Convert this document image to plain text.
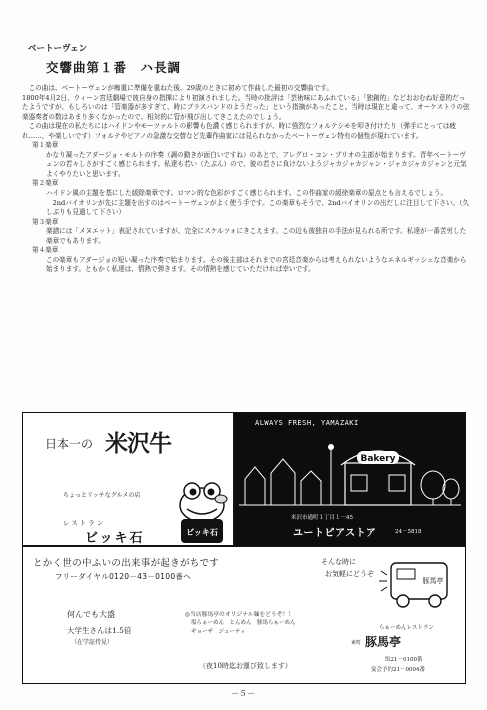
ベートーヴェン
交響曲第１番　ハ長調

この曲は、ベートーヴェンが痴重に準備を重ねた後、29歳のときに初めて作曲した最初の交響曲です。

1800年4月2日、ウィーン宮廷劇場で彼自身の指揮により初演されました。当時の批評は「芸術味にあふれている」「独創的」などおおむね好意的だったようですが、もしろいのは「管楽器が多すぎて、時にブラスバンドのようだった」という指摘があったこと。当時は現在と違って、オーケストラの弦楽器奏者の数はあまり多くなかったので、相対的に管が飛び出してきこえたのでしょう。

この曲は現在の私たちにはハイドンやモーツァルトの影響も色濃く感じられますが、時に強烈なフォルテシモを叩き付けたり（弾手にとっては疲れ……，や楽しいです）フォルテやピアノの急激な交替など先輩作曲家には見られなかったベートーヴェン特有の個性が現れています。

第１楽章

かなり凝ったアダージョ・モルトの序奏（調の動きが面白いですね）のあとで、アレグロ・コン・ブリオの主部が始まります。青年ベートーヴェンの若々しさがすごく感じられます。私達も若い（たぶん）ので、彼の若さに負けないようジャカジャカジャン・ジャカジャカジャンと元気よくやりたいと思います。

第２楽章

ハイドン風の主題を基にした緩除楽章です。ロマン的な色彩がすごく感じられます。この作曲家の緩徐楽章の原点とも言えるでしょう。

2ndバイオリンが先に主題を出すのはベートーヴェンがよく使う手です。この楽章もそうで、2ndバイオリンの出だしに注目して下さい。（久しぶりも見過して下さい）

第３楽章

楽譜には「メヌエット」表記されていますが、完全にスケルツォにきこえます。この辺も彼独自の手法が見られる所です。私達が一番苦労した楽章でもあります。

第４楽章

この楽章もアダージョの短い凝った序奏で始まります。その後主部はそれまでの宮廷音楽からは考えられないようなエネルギッシュな音楽から始まります。ともかく私達は、情熱で弾きます。その情熱を感じていただければ幸いです。

日本一の 米沢牛
ちょっとリッチなグルメの店
レストラン
ビッキ石	ビッキ石
ALWAYS FRESH, YAMAZAKI
Bakery
米沢市通町１丁目１－45
ユートピアストア	24－5818
とかく世の中ふいの出来事が起きがちです
フリーダイヤル0120－43－0100番へ
何んでも大盛
大学生さんは1.5倍
（在学証持見）
そんな時に
お気軽にどうぞ
豚馬亭
らぁーめんレストラン
東町 豚馬亭
℡21－0100番
宴会予約21－0004番
◎当店豚馬亭のオリジナル麺をどうぞ！！
塩らぁーめん　とんめん　豚馬らぁーめん
ギョーザ　ジューティ
（夜10時迄お運び致します）
－５－
